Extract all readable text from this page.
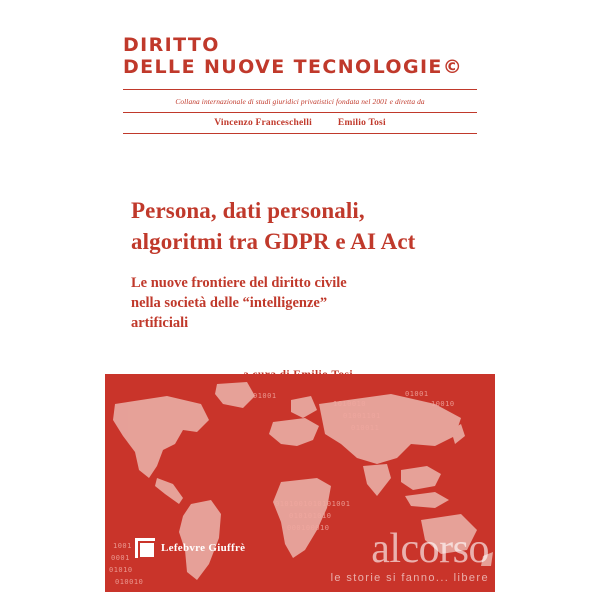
DIRITTO
DELLE NUOVE TECNOLOGIE©
Collana internazionale di studi giuridici privatistici fondata nel 2001 e diretta da
Vincenzo Franceschelli	Emilio Tosi
Persona, dati personali,
algoritmi tra GDPR e AI Act
Le nuove frontiere del diritto civile
nella società delle “intelligenze”
artificiali
01001
1010010
01001101
010011
01001
10010
0101001010101001
010101010
000100010
1001
0001
01010
010010
Lefebvre Giuffrè	alcorso
le storie si fanno... libere
